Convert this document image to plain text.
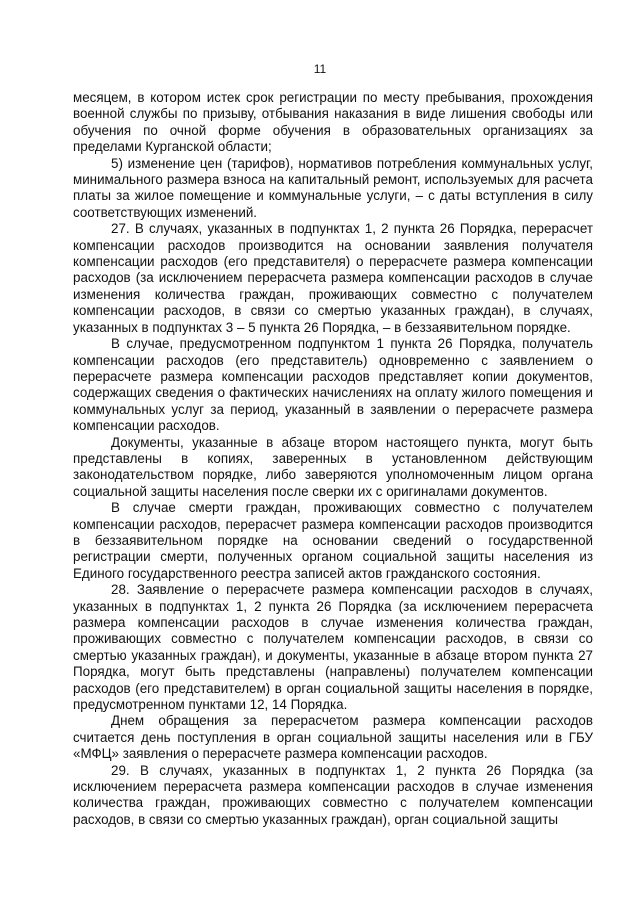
11

месяцем, в котором истек срок регистрации по месту пребывания, прохождения военной службы по призыву, отбывания наказания в виде лишения свободы или обучения по очной форме обучения в образовательных организациях за пределами Курганской области;

5) изменение цен (тарифов), нормативов потребления коммунальных услуг, минимального размера взноса на капитальный ремонт, используемых для расчета платы за жилое помещение и коммунальные услуги, – с даты вступления в силу соответствующих изменений.

27. В случаях, указанных в подпунктах 1, 2 пункта 26 Порядка, перерасчет компенсации расходов производится на основании заявления получателя компенсации расходов (его представителя) о перерасчете размера компенсации расходов (за исключением перерасчета размера компенсации расходов в случае изменения количества граждан, проживающих совместно с получателем компенсации расходов, в связи со смертью указанных граждан), в случаях, указанных в подпунктах 3 – 5 пункта 26 Порядка, – в беззаявительном порядке.

В случае, предусмотренном подпунктом 1 пункта 26 Порядка, получатель компенсации расходов (его представитель) одновременно с заявлением о перерасчете размера компенсации расходов представляет копии документов, содержащих сведения о фактических начислениях на оплату жилого помещения и коммунальных услуг за период, указанный в заявлении о перерасчете размера компенсации расходов.

Документы, указанные в абзаце втором настоящего пункта, могут быть представлены в копиях, заверенных в установленном действующим законодательством порядке, либо заверяются уполномоченным лицом органа социальной защиты населения после сверки их с оригиналами документов.

В случае смерти граждан, проживающих совместно с получателем компенсации расходов, перерасчет размера компенсации расходов производится в беззаявительном порядке на основании сведений о государственной регистрации смерти, полученных органом социальной защиты населения из Единого государственного реестра записей актов гражданского состояния.

28. Заявление о перерасчете размера компенсации расходов в случаях, указанных в подпунктах 1, 2 пункта 26 Порядка (за исключением перерасчета размера компенсации расходов в случае изменения количества граждан, проживающих совместно с получателем компенсации расходов, в связи со смертью указанных граждан), и документы, указанные в абзаце втором пункта 27 Порядка, могут быть представлены (направлены) получателем компенсации расходов (его представителем) в орган социальной защиты населения в порядке, предусмотренном пунктами 12, 14 Порядка.

Днем обращения за перерасчетом размера компенсации расходов считается день поступления в орган социальной защиты населения или в ГБУ «МФЦ» заявления о перерасчете размера компенсации расходов.

29. В случаях, указанных в подпунктах 1, 2 пункта 26 Порядка (за исключением перерасчета размера компенсации расходов в случае изменения количества граждан, проживающих совместно с получателем компенсации расходов, в связи со смертью указанных граждан), орган социальной защиты
